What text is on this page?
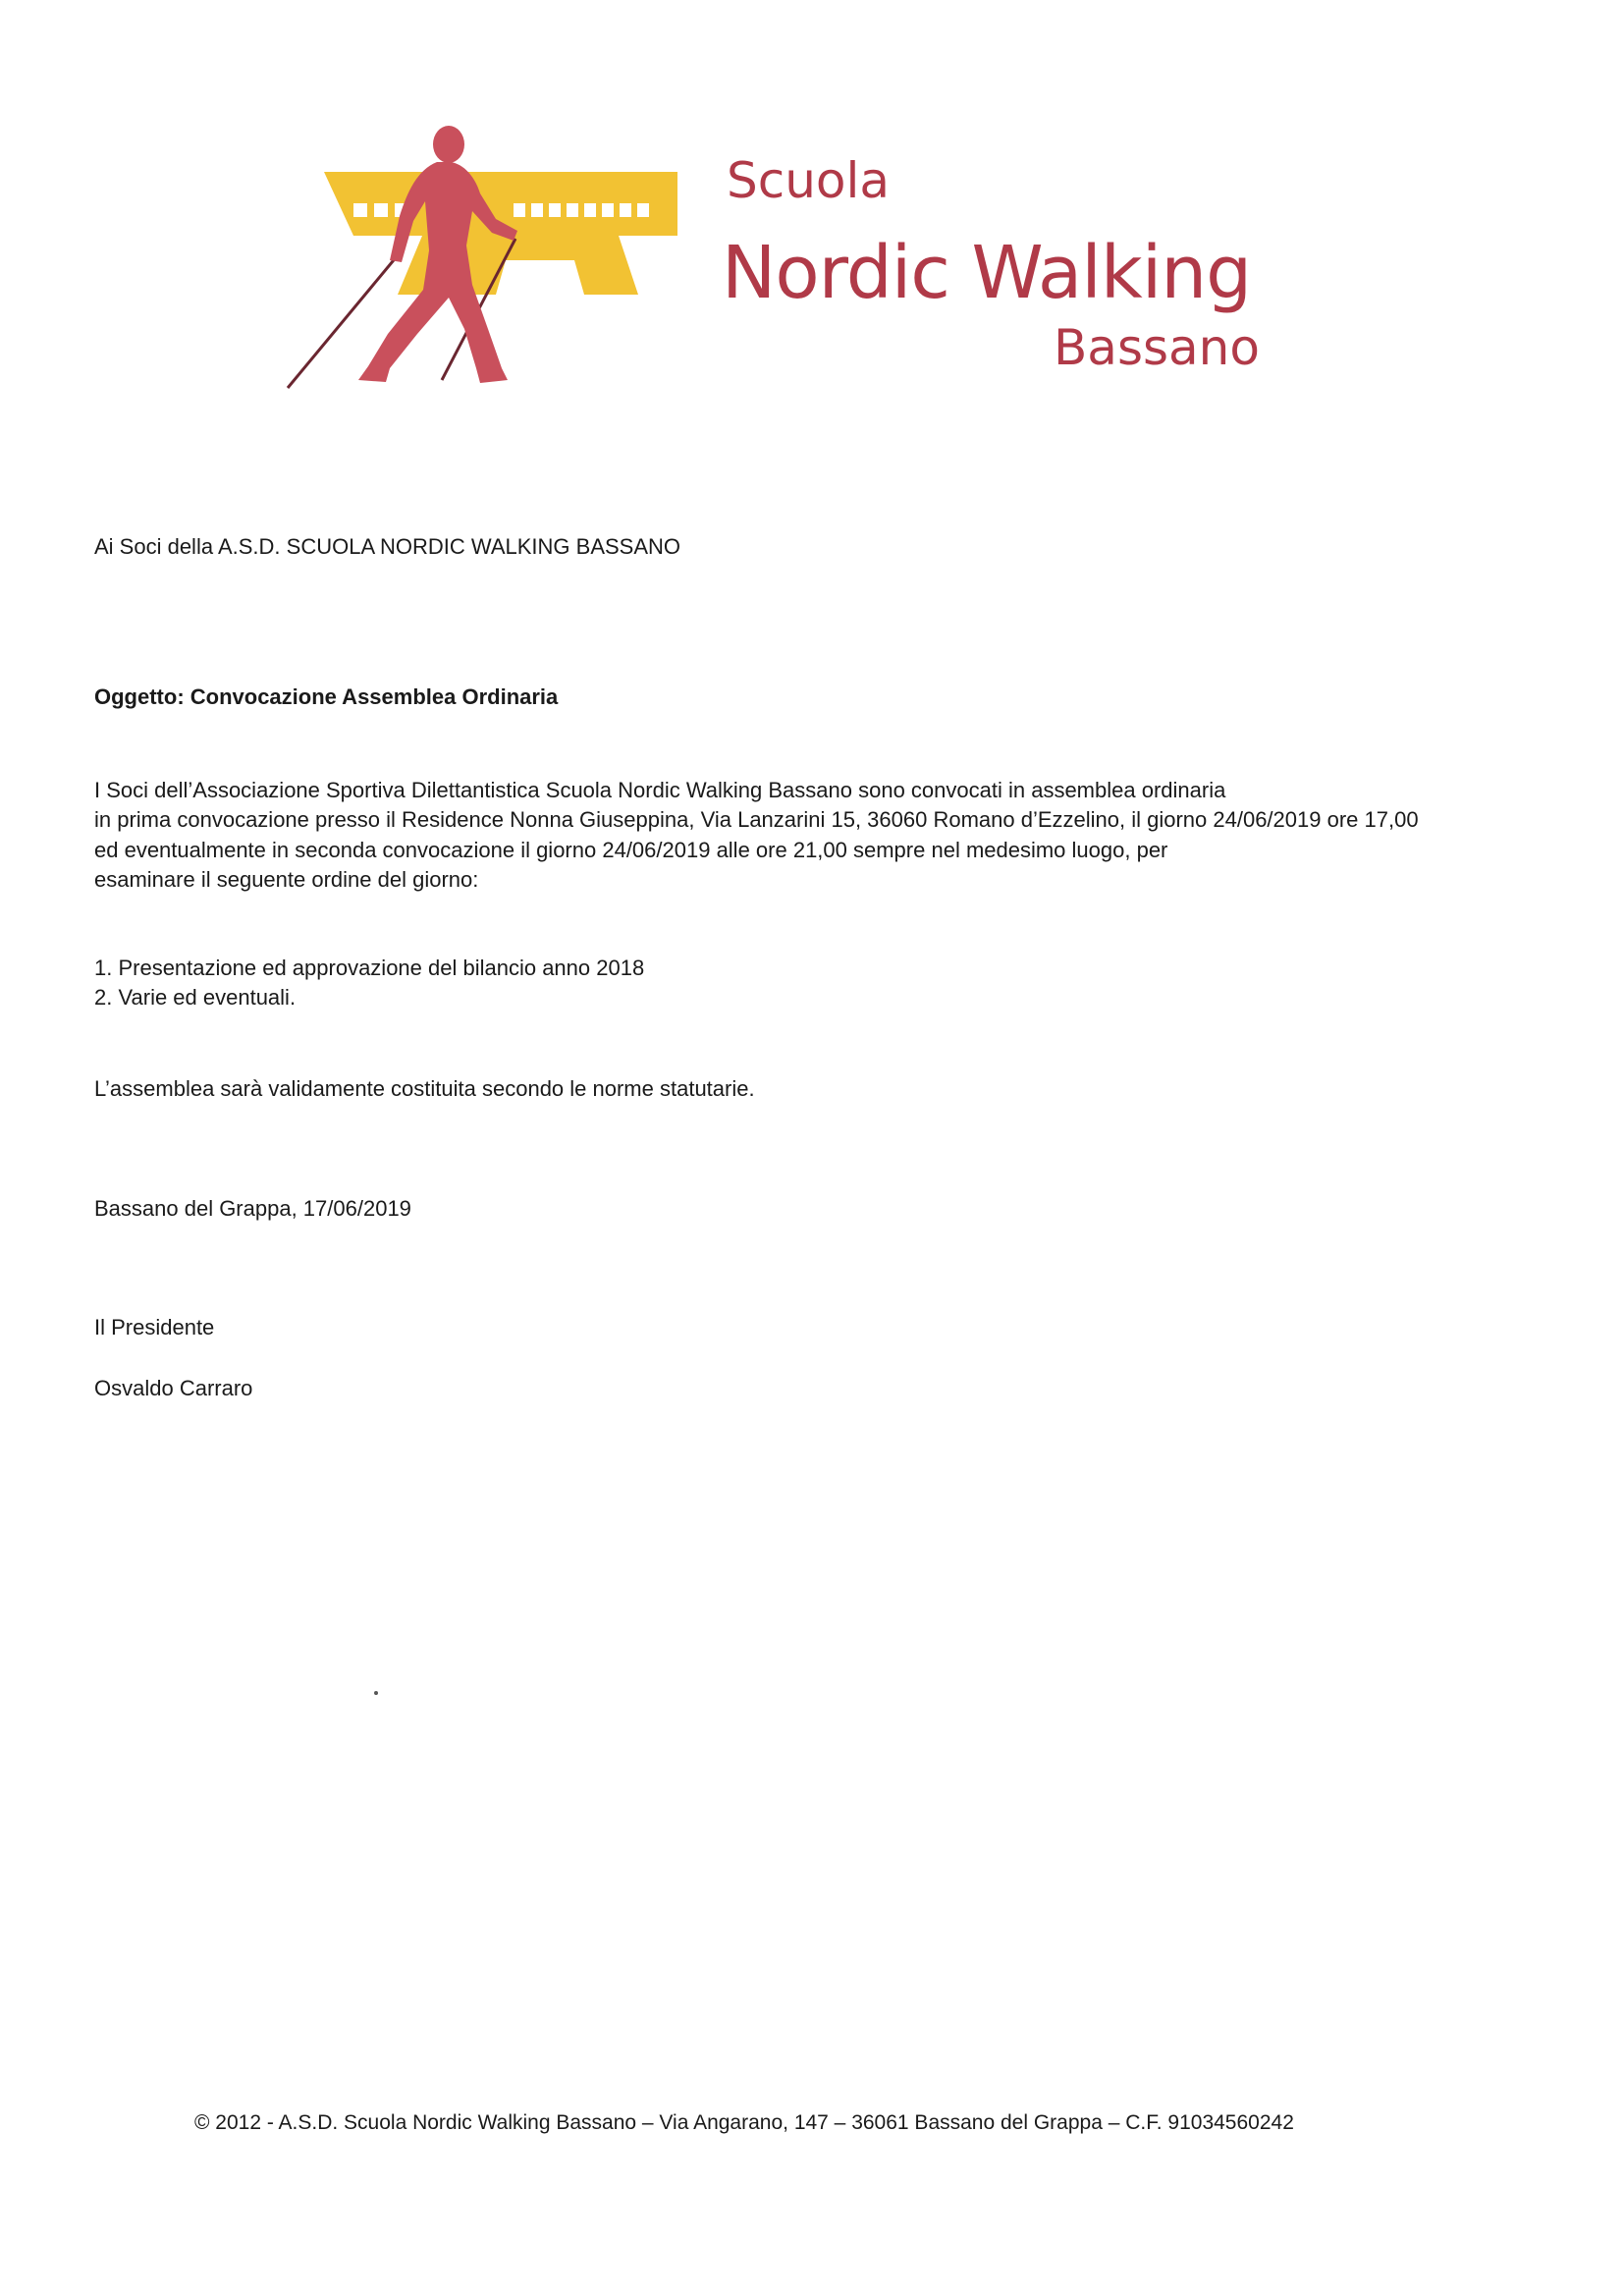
Scuola
Nordic Walking
Bassano
Ai Soci della A.S.D. SCUOLA NORDIC WALKING BASSANO
Oggetto: Convocazione Assemblea Ordinaria
I Soci dell’Associazione Sportiva Dilettantistica Scuola Nordic Walking Bassano sono convocati in assemblea ordinaria
in prima convocazione presso il Residence Nonna Giuseppina, Via Lanzarini 15, 36060 Romano d’Ezzelino, il giorno 24/06/2019 ore 17,00
ed eventualmente in seconda convocazione il giorno 24/06/2019 alle ore 21,00 sempre nel medesimo luogo, per
esaminare il seguente ordine del giorno:
1. Presentazione ed approvazione del bilancio anno 2018
2. Varie ed eventuali.
L’assemblea sarà validamente costituita secondo le norme statutarie.
Bassano del Grappa, 17/06/2019
Il Presidente
Osvaldo Carraro
© 2012 - A.S.D. Scuola Nordic Walking Bassano – Via Angarano, 147 – 36061 Bassano del Grappa – C.F. 91034560242
